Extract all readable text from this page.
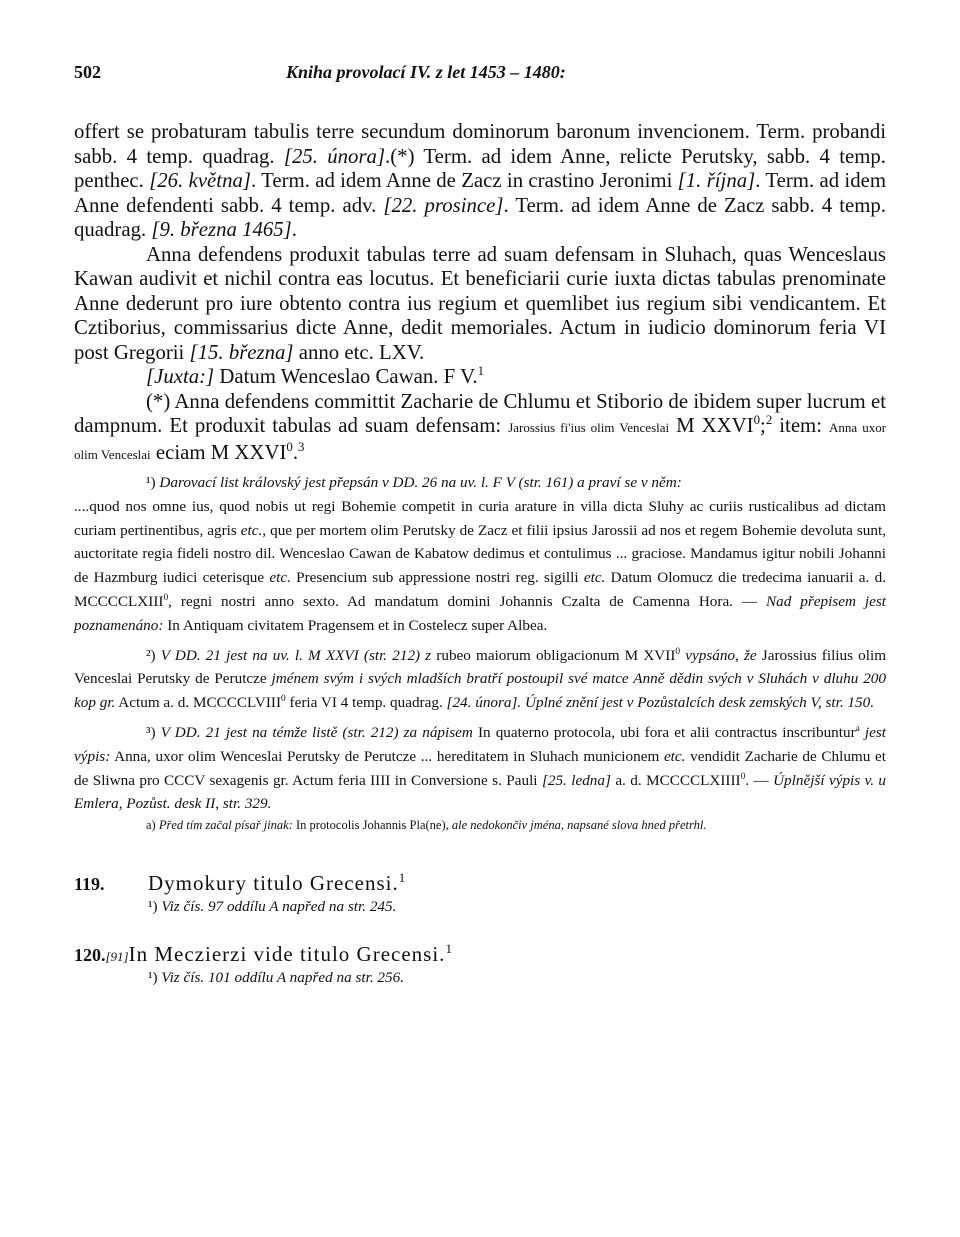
502	Kniha provolací IV. z let 1453 – 1480:

offert se probaturam tabulis terre secundum dominorum baronum invencionem. Term. probandi sabb. 4 temp. quadrag. [25. února].(*) Term. ad idem Anne, relicte Perutsky, sabb. 4 temp. penthec. [26. května]. Term. ad idem Anne de Zacz in crastino Jeronimi [1. října]. Term. ad idem Anne defendenti sabb. 4 temp. adv. [22. prosince]. Term. ad idem Anne de Zacz sabb. 4 temp. quadrag. [9. března 1465].

Anna defendens produxit tabulas terre ad suam defensam in Sluhach, quas Wenceslaus Kawan audivit et nichil contra eas locutus. Et beneficiarii curie iuxta dictas tabulas prenominate Anne dederunt pro iure obtento contra ius regium et quemlibet ius regium sibi vendicantem. Et Cztiborius, commissarius dicte Anne, dedit memoriales. Actum in iudicio dominorum feria VI post Gregorii [15. března] anno etc. LXV.

[Juxta:] Datum Wenceslao Cawan. F V.$^1$

(*) Anna defendens committit Zacharie de Chlumu et Stiborio de ibidem super lucrum et dampnum. Et produxit tabulas ad suam defensam: Jarossius fi'ius olim Venceslai M XXVI$^0$;$^2$ item: Anna uxor olim Venceslai eciam M XXVI$^0$.$^3$

¹) Darovací list královský jest přepsán v DD. 26 na uv. l. F V (str. 161) a praví se v něm:

....quod nos omne ius, quod nobis ut regi Bohemie competit in curia arature in villa dicta Sluhy ac curiis rusticalibus ad dictam curiam pertinentibus, agris etc., que per mortem olim Perutsky de Zacz et filii ipsius Jarossii ad nos et regem Bohemie devoluta sunt, auctoritate regia fideli nostro dil. Wenceslao Cawan de Kabatow dedimus et contulimus ... graciose. Mandamus igitur nobili Johanni de Hazmburg iudici ceterisque etc. Presencium sub appressione nostri reg. sigilli etc. Datum Olomucz die tredecima ianuarii a. d. MCCCCLXIII$^0$, regni nostri anno sexto. Ad mandatum domini Johannis Czalta de Camenna Hora. — Nad přepisem jest poznamenáno: In Antiquam civitatem Pragensem et in Costelecz super Albea.

²) V DD. 21 jest na uv. l. M XXVI (str. 212) z rubeo maiorum obligacionum M XVII$^0$ vypsáno, že Jarossius filius olim Venceslai Perutsky de Perutcze jménem svým i svých mladších bratří postoupil své matce Anně dědin svých v Sluhách v dluhu 200 kop gr. Actum a. d. MCCCCLVIII$^0$ feria VI 4 temp. quadrag. [24. února]. Úplné znění jest v Pozůstalcích desk zemských V, str. 150.

³) V DD. 21 jest na témže listě (str. 212) za nápisem In quaterno protocola, ubi fora et alii contractus inscribuntur$^a$ jest výpis: Anna, uxor olim Wenceslai Perutsky de Perutcze ... hereditatem in Sluhach municionem etc. vendidit Zacharie de Chlumu et de Sliwna pro CCCV sexagenis gr. Actum feria IIII in Conversione s. Pauli [25. ledna] a. d. MCCCCLXIIII$^0$. — Úplnější výpis v. u Emlera, Pozůst. desk II, str. 329.

a) Před tím začal písař jinak: In protocolis Johannis Pla(ne), ale nedokončiv jména, napsané slova hned přetrhl.

119.	Dymokury titulo Grecensi.$^1$
¹) Viz čís. 97 oddílu A napřed na str. 245.
120.[91] In Meczierzi vide titulo Grecensi.$^1$
¹) Viz čís. 101 oddílu A napřed na str. 256.
